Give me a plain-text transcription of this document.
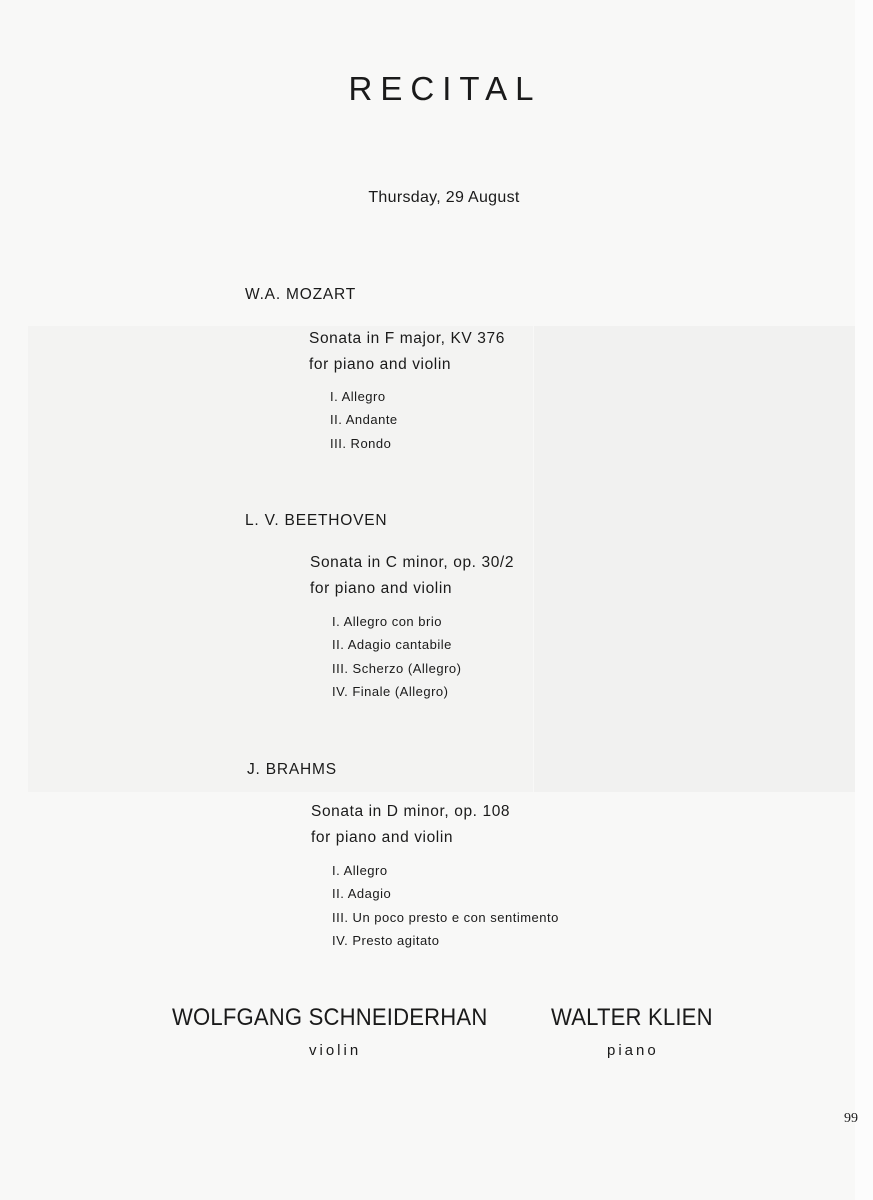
RECITAL
Thursday, 29 August
W.A. MOZART
Sonata in F major, KV 376
for piano and violin
I. Allegro
II. Andante
III. Rondo
L. V. BEETHOVEN
Sonata in C minor, op. 30/2
for piano and violin
I. Allegro con brio
II. Adagio cantabile
III. Scherzo (Allegro)
IV. Finale (Allegro)
J. BRAHMS
Sonata in D minor, op. 108
for piano and violin
I. Allegro
II. Adagio
III. Un poco presto e con sentimento
IV. Presto agitato
WOLFGANG SCHNEIDERHAN
violin
WALTER KLIEN
piano
99
